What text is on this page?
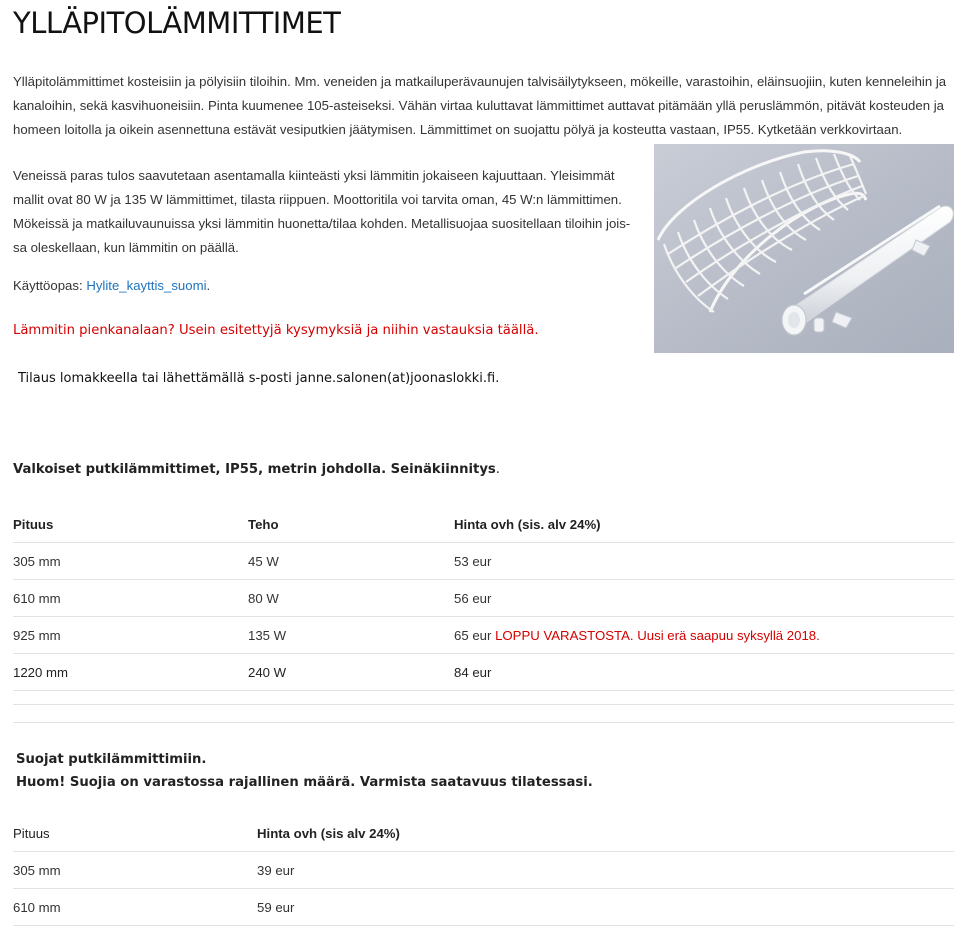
YLLÄPITOLÄMMITTIMET

Ylläpitolämmittimet kosteisiin ja pölyisiin tiloihin. Mm. veneiden ja matkailuperävaunujen talvisäilytykseen, mökeille, varastoihin, eläinsuojiin, kuten kenneleihin ja kanaloihin, sekä kasvihuoneisiin. Pinta kuumenee 105-asteiseksi. Vähän virtaa kuluttavat lämmittimet auttavat pitämään yllä peruslämmön, pitävät kosteuden ja homeen loitolla ja oikein asennettuna estävät vesiputkien jäätymisen. Lämmittimet on suojattu pölyä ja kosteutta vastaan, IP55. Kytketään verkkovirtaan.

Veneissä paras tulos saavutetaan asentamalla kiinteästi yksi lämmitin jokaiseen kajuuttaan. Yleisimmät mallit ovat 80 W ja 135 W lämmittimet, tilasta riippuen. Moottoritila voi tarvita oman, 45 W:n lämmittimen. Mökeissä ja matkailuvaunuissa yksi lämmitin huonetta/tilaa kohden. Metallisuojaa suositellaan tiloihin jois-sa oleskellaan, kun lämmitin on päällä.

Käyttöopas: Hylite_kayttis_suomi.
Lämmitin pienkanalaan? Usein esitettyjä kysymyksiä ja niihin vastauksia täällä.
Tilaus lomakkeella tai lähettämällä s-posti janne.salonen(at)joonaslokki.fi.
Valkoiset putkilämmittimet, IP55, metrin johdolla. Seinäkiinnitys.
Pituus	Teho	Hinta ovh (sis. alv 24%)
305 mm	45 W	53 eur
610 mm	80 W	56 eur
925 mm	135 W	65 eur LOPPU VARASTOSTA. Uusi erä saapuu syksyllä 2018.
1220 mm	240 W	84 eur
Suojat putkilämmittimiin.
Huom! Suojia on varastossa rajallinen määrä. Varmista saatavuus tilatessasi.
Pituus	Hinta ovh (sis alv 24%)
305 mm	39 eur
610 mm	59 eur
